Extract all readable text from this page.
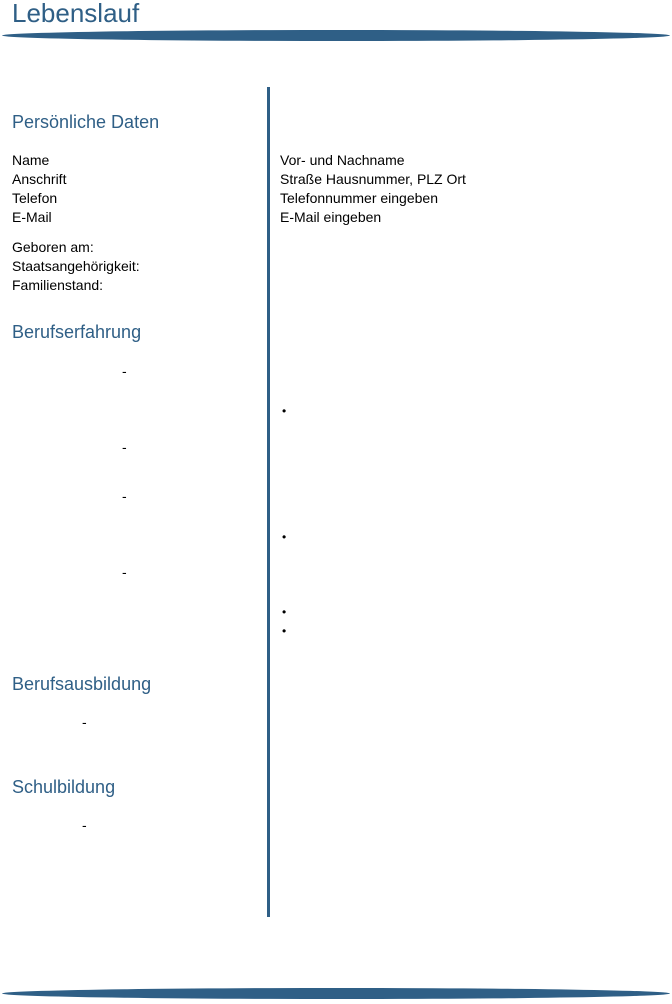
Lebenslauf
Persönliche Daten
Name
Anschrift
Telefon
E-Mail
Vor- und Nachname
Straße Hausnummer, PLZ Ort
Telefonnummer eingeben
E-Mail eingeben
Geboren am:
Staatsangehörigkeit:
Familienstand:
Berufserfahrung
-
•
-
-
•
-
•
•
Berufsausbildung
-
Schulbildung
-
